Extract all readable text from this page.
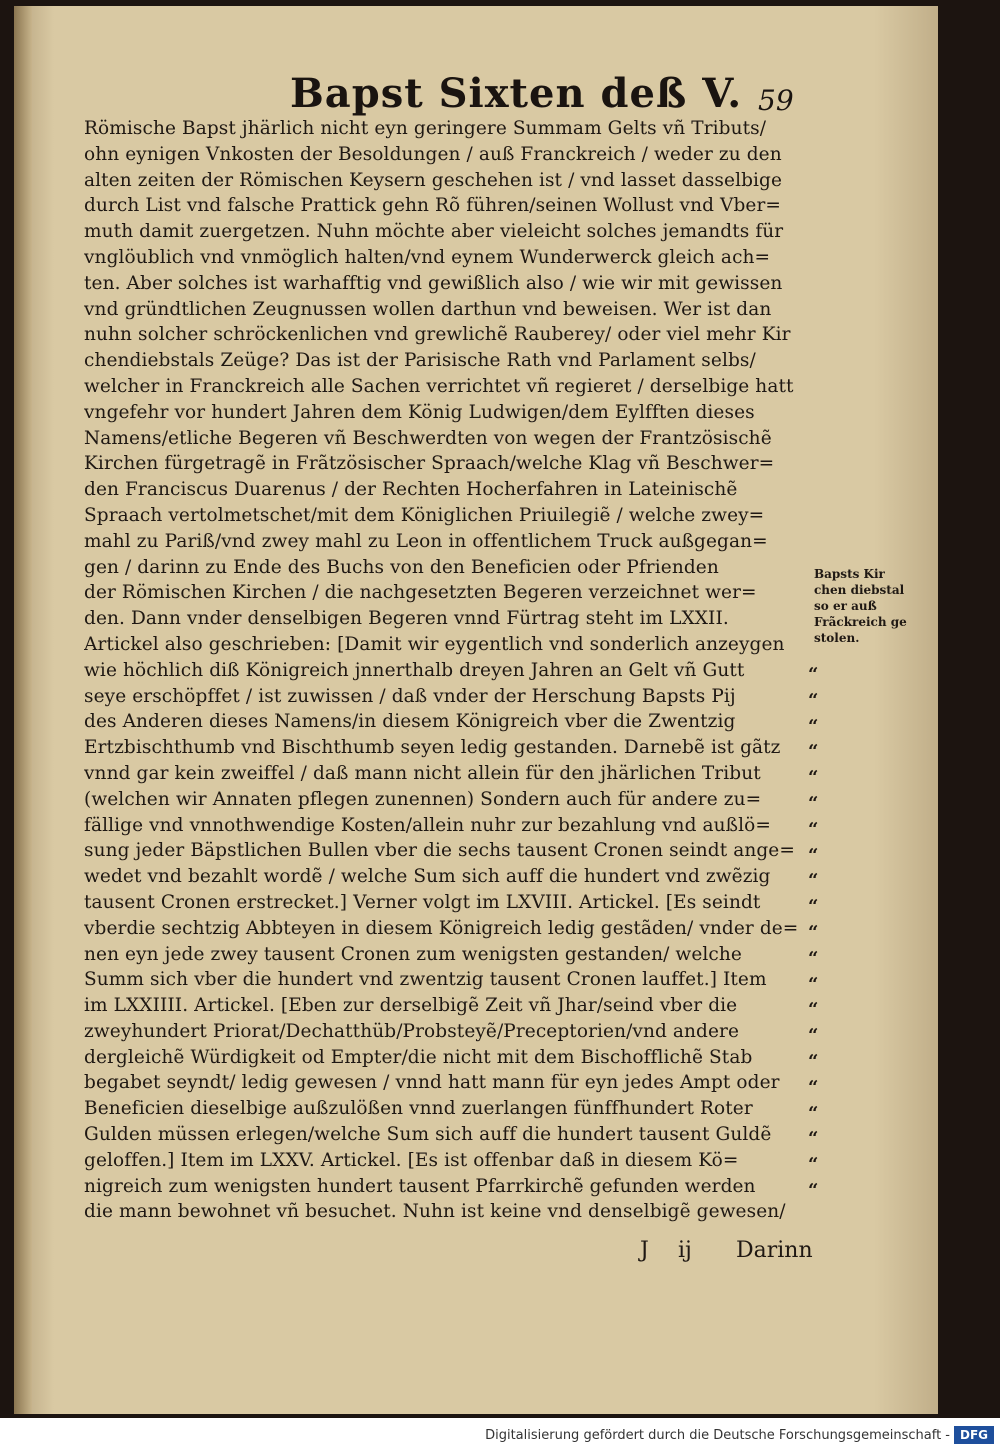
Bapst Sixten deß V. 59
Römische Bapst jhärlich nicht eyn geringere Summam Gelts vñ Tributs/
ohn eynigen Vnkosten der Besoldungen / auß Franckreich / weder zu den
alten zeiten der Römischen Keysern geschehen ist / vnd lasset dasselbige
durch List vnd falsche Prattick gehn Rõ führen/seinen Wollust vnd Vber=
muth damit zuergetzen. Nuhn möchte aber vieleicht solches jemandts für
vnglöublich vnd vnmöglich halten/vnd eynem Wunderwerck gleich ach=
ten. Aber solches ist warhafftig vnd gewißlich also / wie wir mit gewissen
vnd gründtlichen Zeugnussen wollen darthun vnd beweisen. Wer ist dan
nuhn solcher schröckenlichen vnd grewlichẽ Rauberey/ oder viel mehr Kir
chendiebstals Zeüge? Das ist der Parisische Rath vnd Parlament selbs/
welcher in Franckreich alle Sachen verrichtet vñ regieret / derselbige hatt
vngefehr vor hundert Jahren dem König Ludwigen/dem Eylfften dieses
Namens/etliche Begeren vñ Beschwerdten von wegen der Frantzösischẽ
Kirchen fürgetragẽ in Frãtzösischer Spraach/welche Klag vñ Beschwer=
den Franciscus Duarenus / der Rechten Hocherfahren in Lateinischẽ
Spraach vertolmetschet/mit dem Königlichen Priuilegiẽ / welche zwey=
mahl zu Pariß/vnd zwey mahl zu Leon in offentlichem Truck außgegan=
gen / darinn zu Ende des Buchs von den Beneficien oder Pfrienden
der Römischen Kirchen / die nachgesetzten Begeren verzeichnet wer=
den. Dann vnder denselbigen Begeren vnnd Fürtrag steht im LXXII.
Artickel also geschrieben: [Damit wir eygentlich vnd sonderlich anzeygen
wie höchlich diß Königreich jnnerthalb dreyen Jahren an Gelt vñ Gutt
seye erschöpffet / ist zuwissen / daß vnder der Herschung Bapsts Pij
des Anderen dieses Namens/in diesem Königreich vber die Zwentzig
Ertzbischthumb vnd Bischthumb seyen ledig gestanden. Darnebẽ ist gãtz
vnnd gar kein zweiffel / daß mann nicht allein für den jhärlichen Tribut
(welchen wir Annaten pflegen zunennen) Sondern auch für andere zu=
fällige vnd vnnothwendige Kosten/allein nuhr zur bezahlung vnd außlö=
sung jeder Bäpstlichen Bullen vber die sechs tausent Cronen seindt ange=
wedet vnd bezahlt wordẽ / welche Sum sich auff die hundert vnd zwẽzig
tausent Cronen erstrecket.] Verner volgt im LXVIII. Artickel. [Es seindt
vberdie sechtzig Abbteyen in diesem Königreich ledig gestãden/ vnder de=
nen eyn jede zwey tausent Cronen zum wenigsten gestanden/ welche
Summ sich vber die hundert vnd zwentzig tausent Cronen lauffet.] Item
im LXXIIII. Artickel. [Eben zur derselbigẽ Zeit vñ Jhar/seind vber die
zweyhundert Priorat/Dechatthüb/Probsteyẽ/Preceptorien/vnd andere
dergleichẽ Würdigkeit od Empter/die nicht mit dem Bischofflichẽ Stab
begabet seyndt/ ledig gewesen / vnnd hatt mann für eyn jedes Ampt oder
Beneficien dieselbige außzulößen vnnd zuerlangen fünffhundert Roter
Gulden müssen erlegen/welche Sum sich auff die hundert tausent Guldẽ
geloffen.] Item im LXXV. Artickel. [Es ist offenbar daß in diesem Kö=
nigreich zum wenigsten hundert tausent Pfarrkirchẽ gefunden werden
die mann bewohnet vñ besuchet. Nuhn ist keine vnd denselbigẽ gewesen/
“
“
“
“
“
“
“
“
“
“
“
“
“
“
“
“
“
“
“
“
“
Bapsts Kir
chen diebstal
so er auß
Frãckreich ge
stolen.
J ij Darinn
Digitalisierung gefördert durch die Deutsche Forschungsgemeinschaft - DFG
